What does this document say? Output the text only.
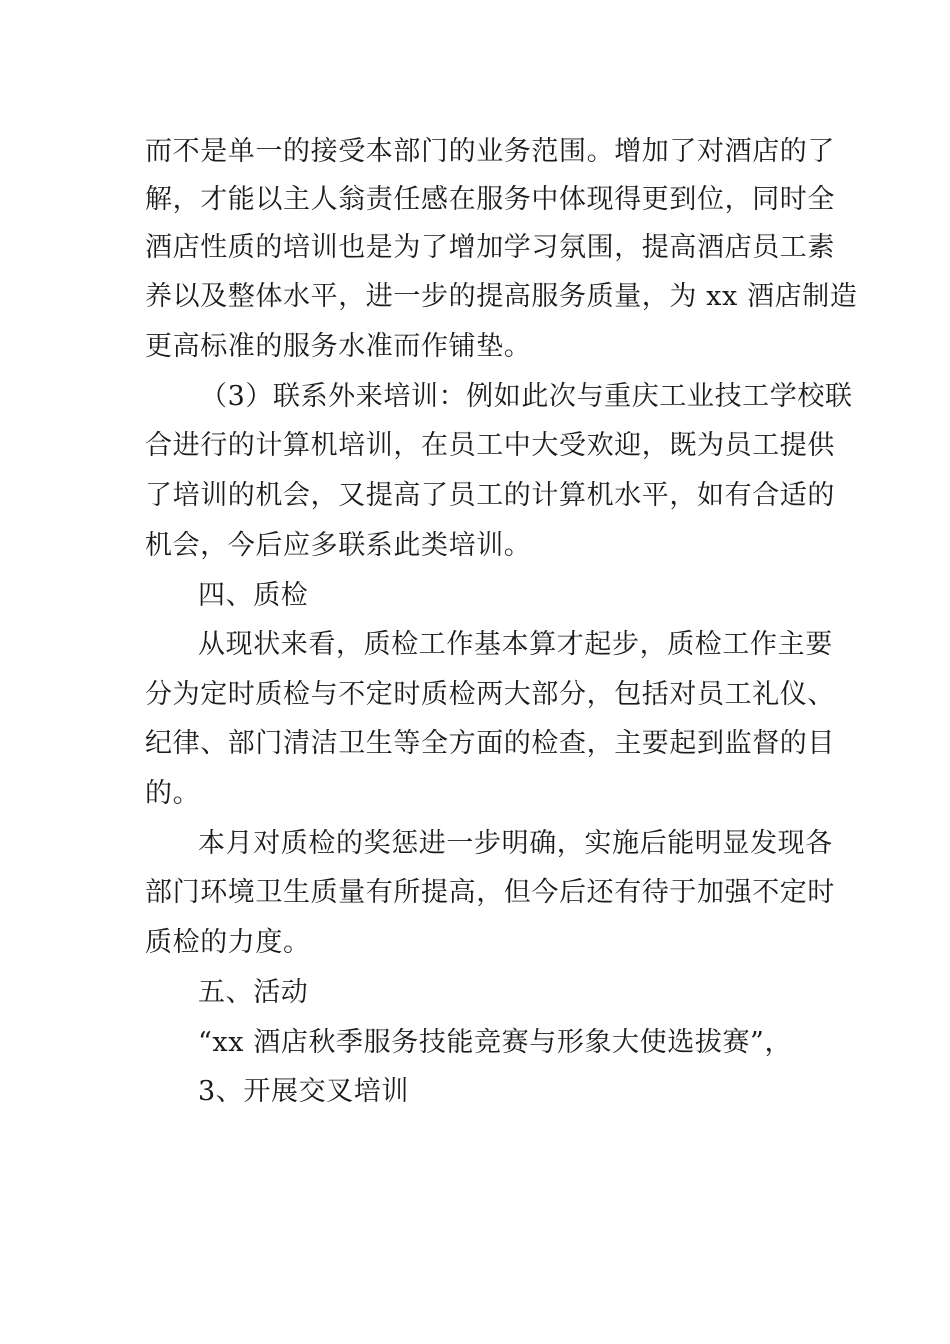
而不是单一的接受本部门的业务范围。增加了对酒店的了
解，才能以主人翁责任感在服务中体现得更到位，同时全
酒店性质的培训也是为了增加学习氛围，提高酒店员工素
养以及整体水平，进一步的提高服务质量，为 xx 酒店制造
更高标准的服务水准而作铺垫。
（3）联系外来培训：例如此次与重庆工业技工学校联
合进行的计算机培训，在员工中大受欢迎，既为员工提供
了培训的机会，又提高了员工的计算机水平，如有合适的
机会，今后应多联系此类培训。
四、质检
从现状来看，质检工作基本算才起步，质检工作主要
分为定时质检与不定时质检两大部分，包括对员工礼仪、
纪律、部门清洁卫生等全方面的检查，主要起到监督的目
的。
本月对质检的奖惩进一步明确，实施后能明显发现各
部门环境卫生质量有所提高，但今后还有待于加强不定时
质检的力度。
五、活动
“xx 酒店秋季服务技能竞赛与形象大使选拔赛”，
3、开展交叉培训
